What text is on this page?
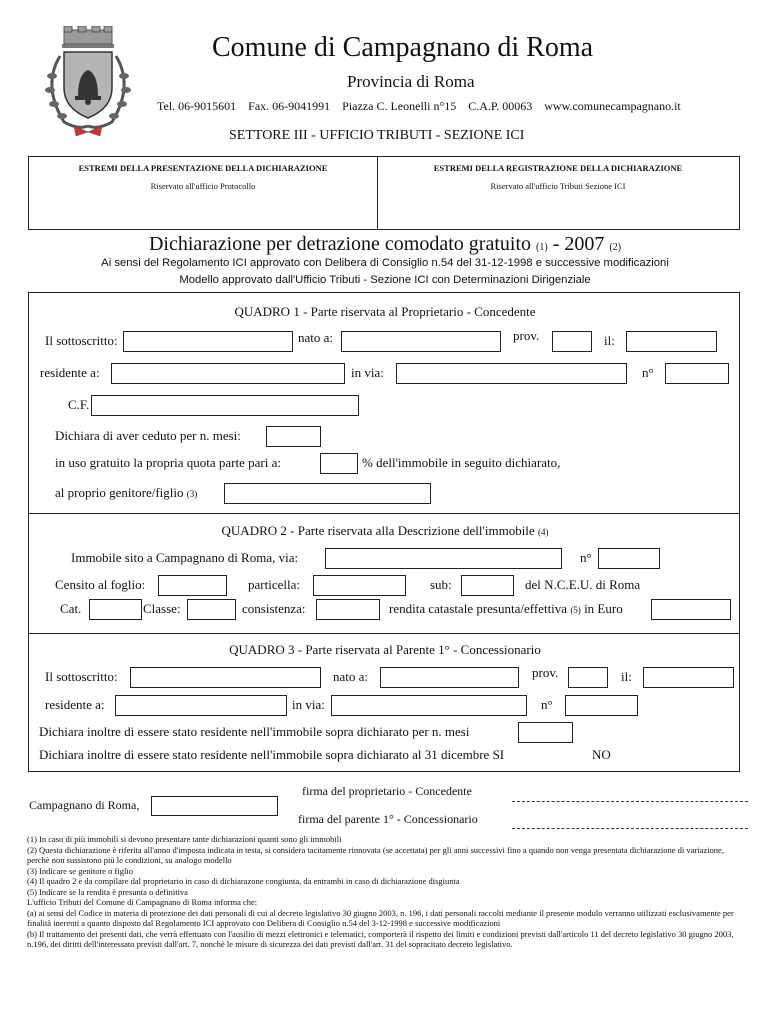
Comune di Campagnano di Roma
Provincia di Roma
Tel. 06-9015601    Fax. 06-9041991    Piazza C. Leonelli n°15    C.A.P. 00063    www.comunecampagnano.it
SETTORE III - UFFICIO TRIBUTI - SEZIONE ICI
ESTREMI DELLA PRESENTAZIONE DELLA DICHIARAZIONE
Riservato all'ufficio Protocollo
ESTREMI DELLA REGISTRAZIONE DELLA DICHIARAZIONE
Riservato all'ufficio Tributi Sezione ICI
Dichiarazione per detrazione comodato gratuito (1) - 2007 (2)
Ai sensi del Regolamento ICI approvato con Delibera di Consiglio n.54 del 31-12-1998 e successive modificazioni
Modello approvato dall'Ufficio Tributi - Sezione ICI con Determinazioni Dirigenziale
QUADRO 1 - Parte riservata al Proprietario - Concedente
Il sottoscritto:	nato a:	prov.	il:
residente a:	in via:	n°
C.F.
Dichiara di aver ceduto per n. mesi:
in uso gratuito la propria quota parte pari a:	% dell'immobile in seguito dichiarato,
al proprio genitore/figlio (3)
QUADRO 2 - Parte riservata alla Descrizione dell'immobile (4)
Immobile sito a Campagnano di Roma, via:	n°
Censito al foglio:	particella:	sub:	del N.C.E.U. di Roma
Cat.	Classe:	consistenza:	rendita catastale presunta/effettiva (5) in Euro
QUADRO 3 - Parte riservata al Parente 1° - Concessionario
Il sottoscritto:	nato a:	prov.	il:
residente a:	in via:	n°
Dichiara inoltre di essere stato residente nell'immobile sopra dichiarato per n. mesi
Dichiara inoltre di essere stato residente nell'immobile sopra dichiarato al 31 dicembre SI	NO
firma del proprietario - Concedente
Campagnano di Roma,
firma del parente 1° - Concessionario
(1) In caso di più immobili si devono presentare tante dichiarazioni quanti sono gli immobili
(2) Questa dichiarazione è riferita all'anno d'imposta indicata in testa, si considera tacitamente rinnovata (se accettata) per gli anni successivi fino a quando non venga presentata dichiarazione di variazione, perchè non sussistono più le condizioni, su analogo modello
(3) Indicare se genitore o figlio
(4) Il quadro 2 e da compilare dal proprietario in caso di dichiarazone congiunta, da entrambi in caso di dichiarazione disgiunta
(5) Indicare se la rendita è presunta o definitiva
L'ufficio Tributi del Comune di Campagnano di Roma informa che:
(a) ai sensi del Codice in materia di protezione dei dati personali di cui al decreto legislativo 30 giugno 2003, n. 196, i dati personali raccolti mediante il presente modulo verranno utilizzati esclusivamente per finalità inerenti a quanto disposto dal Regolamento ICI approvato con Delibera di Consiglio n.54 del 3-12-1998 e successive modificazioni
(b) Il trattamento dei presenti dati, che verrà effettuato con l'ausilio di mezzi elettronici e telematici, comporterà il rispetto dei limiti e condizioni previsti dall'articolo 11 del decreto legislativo 30 giugno 2003, n.196, dei diritti dell'interessato previsti dall'art. 7, nonchè le misure di sicurezza dei dati previsti dall'art. 31 del sopracitato decreto legislativo.
